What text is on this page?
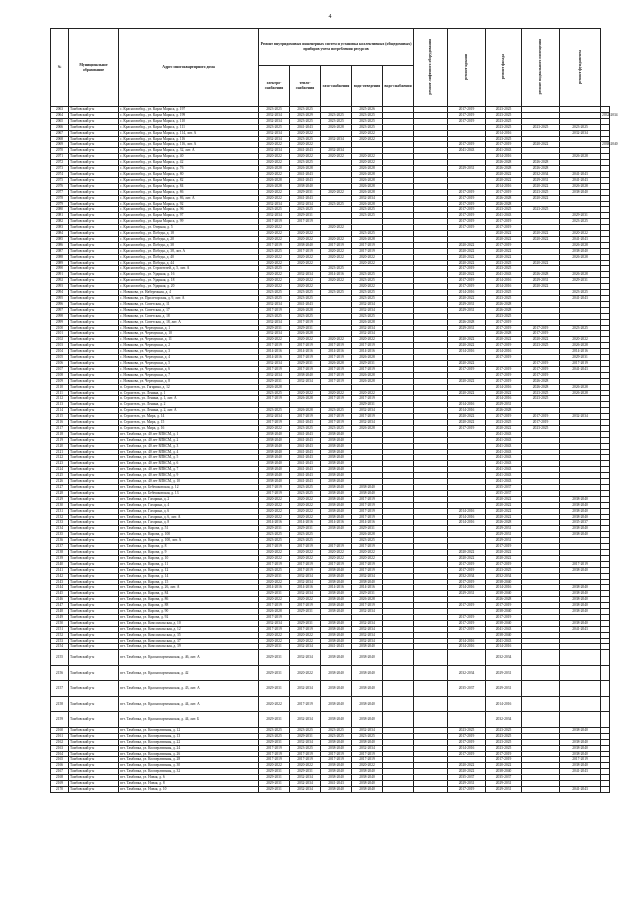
4
№	Муниципальное образование	Адрес многоквартирного дома	Ремонт внутридомовых инженерных систем и установка коллективных (общедомовых) приборов учета потребления ресурсов					ремонт лифтового оборудования	ремонт крыши	ремонт фасада	ремонт подвального помещения	ремонт фундамента	
			электро-снабжения	тепло-снабжения	газо-снабжения	водо-отведения	водо-снабжения						
2063	Тамбовский р-н	с. Красносвобод., ул. Карла Маркса, д. 197	2023-2025	2023-2025		2025-2026			2017-2019	2023-2025			
2064	Тамбовский р-н	с. Красносвобод., ул. Карла Маркса, д. 199	2032-2034	2023-2029	2023-2025	2023-2025			2017-2019	2023-2025			2032-2034
2065	Тамбовский р-н	с. Красносвобод., ул. Карла Маркса, д. 110	2032-2034	2023-2025	2023-2025	2023-2025			2017-2019	2023-2025			
2066	Тамбовский р-н	с. Красносвобод., ул. Карла Маркса, д. 111	2023-2025	2041-2043	2026-2028	2023-2025				2023-2025	2023-2025	2023-2025	
2067	Тамбовский р-н	с. Красносвобод., ул. Карла Маркса, д. 114, лит. А	2032-2034	2020-2022		2020-2022				2014-2016		2032-2034	
2068	Тамбовский р-н	с. Красносвобод., ул. Карла Маркса, д. 116	2032-2034	2023-2025	2032-2034	2020-2022				2023-2025			
2069	Тамбовский р-н	с. Красносвобод., ул. Карла Маркса, д. 116, лит. А	2020-2022	2020-2022					2017-2019	2017-2019	2020-2022		2038-2040
2070	Тамбовский р-н	с. Красносвобод., ул. Карла Маркса, д. 32, лит. А	2032-2034	2041-2043	2032-2034				2041-2043	2041-2043			
2071	Тамбовский р-н	с. Красносвобод., ул. Карла Маркса, д. 40	2020-2022	2020-2022	2020-2022	2020-2022				2014-2016		2026-2028	
2072	Тамбовский р-н	с. Красносвобод., ул. Карла Маркса, д. 42	2020-2022	2023-2025		2020-2022				2026-2028	2026-2028		
2073	Тамбовский р-н	с. Красносвобод., ул. Карла Маркса, д. 76	2026-2028	2026-2028		2026-2028			2029-2031	2026-2028	2026-2028		
2074	Тамбовский р-н	с. Красносвобод., ул. Карла Маркса, д. 80	2020-2022	2041-2043		2026-2028				2020-2022	2032-2034	2041-2043	
2075	Тамбовский р-н	с. Красносвобод., ул. Карла Маркса, д. 82	2026-2028	2041-2043		2026-2028				2020-2022	2029-2031	2041-2043	
2076	Тамбовский р-н	с. Красносвобод., ул. Карла Маркса, д. 84	2026-2028	2038-2040		2026-2028				2014-2016	2020-2022	2026-2028	
2077	Тамбовский р-н	с. Красносвобод., ул. Карла Маркса, д. 86	2020-2022	2029-2031	2020-2022	2026-2028			2017-2019	2017-2019	2023-2025	2038-2040	
2078	Тамбовский р-н	с. Красносвобод., ул. Карла Маркса, д. 86, лит. А	2020-2022	2041-2043		2032-2034			2017-2019	2026-2028	2020-2022		
2079	Тамбовский р-н	с. Красносвобод., ул. Карла Маркса, д. 92	2032-2034	2032-2034	2023-2025	2026-2028			2017-2019	2026-2028			
2080	Тамбовский р-н	с. Красносвобод., ул. Карла Маркса, д. 96	2023-2025	2023-2025		2023-2025			2017-2019	2023-2025	2023-2025		
2081	Тамбовский р-н	с. Красносвобод., ул. Карла Маркса, д. 97	2032-2034	2029-2031		2023-2025			2017-2019	2041-2043		2029-2031	
2082	Тамбовский р-н	с. Красносвобод., ул. Карла Маркса, д. 99	2017-2019	2017-2019					2017-2019	2017-2019		2023-2025	
2083	Тамбовский р-н	с. Красносвобод., ул. Озерная, д. 5	2020-2022		2020-2022				2017-2019	2017-2019			
2084	Тамбовский р-н	с. Красносвобод., ул. Победы, д. 18	2020-2022	2020-2022		2023-2025				2020-2022	2020-2022	2020-2022	
2085	Тамбовский р-н	с. Красносвобод., ул. Победы, д. 20	2020-2022	2020-2022	2020-2022	2026-2028				2020-2022	2020-2022	2041-2043	
2086	Тамбовский р-н	с. Красносвобод., ул. Победы, д. 38	2017-2019	2038-2040	2017-2019	2017-2019			2020-2022	2017-2019		2026-2028	
2087	Тамбовский р-н	с. Красносвобод., ул. Победы, д. 38, лит. А	2023-2025	2017-2019	2020-2022	2017-2019			2020-2022	2020-2022		2038-2040	
2088	Тамбовский р-н	с. Красносвобод., ул. Победы, д. 40	2020-2022	2020-2022	2020-2022	2020-2022			2020-2022	2020-2022		2026-2028	
2089	Тамбовский р-н	с. Красносвобод., ул. Победы, д. 44	2020-2022	2020-2022		2020-2022			2020-2022	2023-2025	2020-2022		
2090	Тамбовский р-н	с. Красносвобод., ул. Строителей, д. 5, лит. А	2023-2025		2023-2025				2017-2019	2023-2025			
2091	Тамбовский р-н	с. Красносвобод., ул. Ударная, д. 16	2020-2022	2032-2034	2014-2016	2023-2025			2020-2022	2041-2043	2026-2028	2026-2028	
2092	Тамбовский р-н	с. Красносвобод., ул. Ударная, д. 18	2020-2022	2020-2022	2020-2022	2023-2025			2017-2019	2014-2016	2029-2031	2029-2031	
2093	Тамбовский р-н	с. Красносвобод., ул. Ударная, д. 20	2020-2022	2020-2022		2020-2022			2017-2019	2014-2016	2020-2022		
2094	Тамбовский р-н	с. Новикова, ул. Набережная, д. 4	2023-2025	2023-2025	2023-2025	2023-2025			2014-2016	2023-2025		2023-2025	
2095	Тамбовский р-н	с. Новикова, ул. Пролетарская, д. 9, лит. А	2023-2025	2023-2025		2023-2025			2020-2022	2023-2025		2041-2043	
2096	Тамбовский р-н	с. Новикова, ул. Советская, д. 11	2032-2034	2041-2043		2032-2034			2029-2031	2026-2028			
2097	Тамбовский р-н	с. Новикова, ул. Советская, д. 17	2017-2019	2026-2028		2032-2034			2029-2031	2026-2028			
2098	Тамбовский р-н	с. Новикова, ул. Советская, д. 18	2023-2025	2023-2025		2023-2025				2023-2025			
2099	Тамбовский р-н	с. Новикова, ул. Советская, д. 18, лит. А	2032-2034	2017-2019		2026-2028			2026-2028	2017-2019			
2100	Тамбовский р-н	с. Новикова, ул. Черемушки, д. 1	2029-2031	2029-2031		2032-2034			2029-2031	2017-2019	2017-2019	2023-2025	
2101	Тамбовский р-н	с. Новикова, ул. Черемушки, д. 10	2032-2034	2026-2028		2032-2034				2026-2028	2017-2019		
2102	Тамбовский р-н	с. Новикова, ул. Черемушки, д. 11	2020-2022	2020-2022	2020-2022	2020-2022			2020-2022	2020-2022	2020-2022	2020-2022	
2103	Тамбовский р-н	с. Новикова, ул. Черемушки, д. 2	2017-2019	2017-2019	2017-2019	2017-2019			2020-2022	2017-2019	2023-2025	2026-2028	
2104	Тамбовский р-н	с. Новикова, ул. Черемушки, д. 3	2014-2016	2014-2016	2014-2016	2014-2016			2014-2016	2014-2016		2014-2016	
2105	Тамбовский р-н	с. Новикова, ул. Черемушки, д. 4	2014-2016	2017-2019	2017-2019	2026-2028				2017-2019		2029-2031	
2106	Тамбовский р-н	с. Новикова, ул. Черемушки, д. 5	2032-2034	2029-2031	2026-2028	2029-2031			2020-2022		2017-2019	2017-2019	
2107	Тамбовский р-н	с. Новикова, ул. Черемушки, д. 6	2017-2019	2017-2019	2017-2019	2017-2019			2017-2019	2017-2019	2017-2019	2041-2043	
2108	Тамбовский р-н	с. Новикова, ул. Черемушки, д. 7	2032-2034	2038-2040	2017-2019	2026-2028				2017-2019	2017-2019		
2109	Тамбовский р-н	с. Новикова, ул. Черемушки, д. 8	2029-2031	2032-2034	2017-2019	2026-2028			2020-2022	2017-2019	2026-2028		
2110	Тамбовский р-н	п. Строитель, ул. Гагарина, д. 12	2026-2028							2014-2016	2026-2028	2026-2028	
2111	Тамбовский р-н	п. Строитель, ул. Ленина, д. 1	2023-2025	2020-2022	2020-2022	2020-2022			2020-2022	2020-2022	2023-2025	2026-2028	
2112	Тамбовский р-н	п. Строитель, ул. Ленина, д. 1, лит. А	2017-2019	2026-2028	2017-2019	2017-2019				2014-2016	2023-2025		
2113	Тамбовский р-н	п. Строитель, ул. Ленина, д. 2				2029-2031			2014-2016	2029-2031			
2114	Тамбовский р-н	п. Строитель, ул. Ленина, д. 2, лит. А	2023-2025	2026-2028	2023-2025	2032-2034			2014-2016	2026-2028			
2115	Тамбовский р-н	п. Строитель, ул. Мира, д. 14	2032-2034	2017-2019	2017-2019	2017-2019			2020-2022	2017-2019	2017-2019	2032-2034	
2116	Тамбовский р-н	п. Строитель, ул. Мира, д. 15	2017-2019	2041-2043	2017-2019	2032-2034			2020-2022	2023-2025	2017-2019		
2117	Тамбовский р-н	п. Строитель, ул. Мира, д. 16	2020-2022	2023-2025	2023-2025	2026-2028			2017-2019	2020-2022	2023-2025		
2118	Тамбовский р-н	пгт. Тамбовка, ул. 40 лет ВЛКСМ, д. 1	2038-2040	2041-2043	2038-2040					2041-2043			
2119	Тамбовский р-н	пгт. Тамбовка, ул. 40 лет ВЛКСМ, д. 2	2038-2040	2041-2043	2038-2040					2041-2043			
2120	Тамбовский р-н	пгт. Тамбовка, ул. 40 лет ВЛКСМ, д. 3	2038-2040	2041-2043	2038-2040					2041-2043			
2121	Тамбовский р-н	пгт. Тамбовка, ул. 40 лет ВЛКСМ, д. 4	2038-2040	2041-2043	2038-2040					2041-2043			
2122	Тамбовский р-н	пгт. Тамбовка, ул. 40 лет ВЛКСМ, д. 5	2038-2040	2041-2043	2038-2040					2041-2043			
2123	Тамбовский р-н	пгт. Тамбовка, ул. 40 лет ВЛКСМ, д. 6	2038-2040	2041-2043	2038-2040					2041-2043			
2124	Тамбовский р-н	пгт. Тамбовка, ул. 40 лет ВЛКСМ, д. 7	2038-2040	2041-2043	2038-2040					2041-2043			
2125	Тамбовский р-н	пгт. Тамбовка, ул. 40 лет ВЛКСМ, д. 9	2038-2040	2041-2043	2038-2040					2041-2043			
2126	Тамбовский р-н	пгт. Тамбовка, ул. 40 лет ВЛКСМ, д. 10	2038-2040	2041-2043	2038-2040					2041-2043			
2127	Тамбовский р-н	пгт. Тамбовка, ул. Бебешковская, д. 12	2017-2019	2023-2025	2038-2040	2038-2040				2035-2037			
2128	Тамбовский р-н	пгт. Тамбовка, ул. Бебешковская, д. 13	2017-2019	2023-2025	2038-2040	2038-2040				2035-2037			
2129	Тамбовский р-н	пгт. Тамбовка, ул. Гагарина, д. 2	2020-2022	2020-2022	2038-2040	2017-2019				2020-2022		2038-2040	
2130	Тамбовский р-н	пгт. Тамбовка, ул. Гагарина, д. 4	2020-2022	2020-2022	2038-2040	2017-2019				2020-2022		2038-2040	
2131	Тамбовский р-н	пгт. Тамбовка, ул. Гагарина, д. 6	2020-2022	2020-2022	2038-2040	2017-2019			2014-2016	2020-2022		2038-2040	
2132	Тамбовский р-н	пгт. Тамбовка, ул. Гагарина, д. 6, лит. А	2020-2022	2020-2022	2038-2040	2017-2019			2014-2016	2020-2022		2038-2040	
2133	Тамбовский р-н	пгт. Тамбовка, ул. Гагарина, д. 8	2014-2016	2014-2016	2014-2016	2014-2016			2014-2016	2026-2028		2035-2037	
2134	Тамбовский р-н	пгт. Тамбовка, ул. Кирова, д. 51	2029-2031	2029-2031	2038-2040	2029-2031				2029-2031		2038-2040	
2135	Тамбовский р-н	пгт. Тамбовка, ул. Кирова, д. 100	2023-2025	2023-2025		2026-2028				2029-2031		2038-2040	
2136	Тамбовский р-н	пгт. Тамбовка, ул. Кирова, д. 100, лит. А	2023-2025	2023-2025		2023-2025				2029-2031			
2137	Тамбовский р-н	пгт. Тамбовка, ул. Кирова, д. 8	2017-2019	2017-2019	2017-2019	2017-2019				2017-2019			
2138	Тамбовский р-н	пгт. Тамбовка, ул. Кирова, д. 9	2020-2022	2020-2022	2020-2022	2020-2022			2020-2022	2020-2022			
2139	Тамбовский р-н	пгт. Тамбовка, ул. Кирова, д. 10	2020-2022	2020-2022	2020-2022	2020-2022			2020-2022	2020-2022			
2140	Тамбовский р-н	пгт. Тамбовка, ул. Кирова, д. 11	2017-2019	2017-2019	2017-2019	2017-2019			2017-2019	2017-2019		2017-2019	
2141	Тамбовский р-н	пгт. Тамбовка, ул. Кирова, д. 12	2023-2025	2017-2019	2038-2040	2017-2019			2017-2019	2023-2025		2038-2040	
2142	Тамбовский р-н	пгт. Тамбовка, ул. Кирова, д. 14	2029-2031	2032-2034	2038-2040	2032-2034			2032-2034	2032-2034			
2143	Тамбовский р-н	пгт. Тамбовка, ул. Кирова, д. 15	2020-2022	2032-2034	2038-2040	2038-2040			2017-2019	2038-2040			
2144	Тамбовский р-н	пгт. Тамбовка, ул. Кирова, д. 26, лит. А	2014-2016	2014-2016	2014-2016	2014-2016			2014-2016	2014-2016		2038-2040	
2145	Тамбовский р-н	пгт. Тамбовка, ул. Кирова, д. 84	2029-2031	2032-2034	2038-2040	2029-2031			2029-2031	2038-2040		2038-2040	
2146	Тамбовский р-н	пгт. Тамбовка, ул. Кирова, д. 86	2020-2022	2020-2022	2038-2040	2026-2028				2026-2028		2038-2040	
2147	Тамбовский р-н	пгт. Тамбовка, ул. Кирова, д. 88	2017-2019	2017-2019	2038-2040	2017-2019			2017-2019	2017-2019		2038-2040	
2148	Тамбовский р-н	пгт. Тамбовка, ул. Кирова, д. 90	2026-2028	2029-2031	2038-2040	2032-2034				2038-2040		2038-2040	
2149	Тамбовский р-н	пгт. Тамбовка, ул. Кирова, д. 92	2017-2019						2017-2019	2017-2019			
2150	Тамбовский р-н	пгт. Тамбовка, ул. Комсомольская, д. 10	2032-2034	2029-2031	2038-2040	2032-2034			2017-2019	2038-2040		2038-2040	
2151	Тамбовский р-н	пгт. Тамбовка, ул. Комсомольская, д. 12	2017-2019	2017-2019	2038-2040	2032-2034			2017-2019	2041-2043		2041-2043	
2152	Тамбовский р-н	пгт. Тамбовка, ул. Комсомольская, д. 35	2020-2022	2020-2022	2038-2040	2032-2034				2038-2040			
2153	Тамбовский р-н	пгт. Тамбовка, ул. Комсомольская, д. 37	2020-2022	2020-2022	2038-2040	2032-2034			2014-2016	2041-2043			
2154	Тамбовский р-н	пгт. Тамбовка, ул. Комсомольская, д. 39	2029-2031	2032-2034	2041-2043	2038-2040			2014-2016	2014-2016			
2155	Тамбовский р-н	пгт. Тамбовка, ул. Краснопартизанская, д. 46, лит. А	2029-2031	2032-2034	2038-2040	2038-2040				2032-2034			
2156	Тамбовский р-н	пгт. Тамбовка, ул. Краснопартизанская, д. 42	2029-2031	2020-2022	2038-2040	2038-2040			2032-2034	2029-2031			
2157	Тамбовский р-н	пгт. Тамбовка, ул. Краснопартизанская, д. 43, лит. А	2029-2031	2032-2034	2038-2040	2038-2040			2035-2037	2029-2031			
2158	Тамбовский р-н	пгт. Тамбовка, ул. Краснопартизанская, д. 44, лит. А	2020-2022	2017-2019	2038-2040	2038-2040				2014-2016			
2159	Тамбовский р-н	пгт. Тамбовка, ул. Краснопартизанская, д. 44, лит. Б	2029-2031	2032-2034	2038-2040	2038-2040				2032-2034			
2160	Тамбовский р-н	пгт. Тамбовка, ул. Кооперативная, д. 12	2023-2025	2023-2025	2023-2025	2032-2034			2023-2025	2023-2025		2038-2040	
2161	Тамбовский р-н	пгт. Тамбовка, ул. Кооперативная, д. 13	2023-2025	2029-2031	2023-2025	2023-2025			2017-2019	2023-2025			
2162	Тамбовский р-н	пгт. Тамбовка, ул. Кооперативная, д. 22	2029-2031	2032-2034	2038-2040	2038-2040			2017-2019	2023-2025		2038-2040	
2163	Тамбовский р-н	пгт. Тамбовка, ул. Кооперативная, д. 24	2017-2019	2023-2025	2038-2040	2032-2034			2014-2016	2023-2025		2038-2040	
2164	Тамбовский р-н	пгт. Тамбовка, ул. Кооперативная, д. 26	2017-2019	2017-2019	2017-2019	2017-2019			2017-2019	2017-2019		2038-2040	
2165	Тамбовский р-н	пгт. Тамбовка, ул. Кооперативная, д. 28	2017-2019	2017-2019	2017-2019	2017-2019				2017-2019		2017-2019	
2166	Тамбовский р-н	пгт. Тамбовка, ул. Кооперативная, д. 30	2020-2022	2020-2022	2038-2040	2020-2022			2020-2022	2020-2022		2038-2040	
2167	Тамбовский р-н	пгт. Тамбовка, ул. Кооперативная, д. 32	2029-2031	2029-2031	2038-2040	2038-2040			2020-2022	2038-2040		2041-2043	
2168	Тамбовский р-н	пгт. Тамбовка, ул. Новая, д. 6	2029-2031	2032-2034	2038-2040	2038-2040			2035-2037	2035-2037			
2169	Тамбовский р-н	пгт. Тамбовка, ул. Новая, д. 8	2029-2031	2032-2034	2041-2043	2038-2040			2029-2031	2029-2031			
2170	Тамбовский р-н	пгт. Тамбовка, ул. Новая, д. 10	2029-2031	2032-2034	2038-2040	2038-2040			2017-2019	2029-2031		2041-2043	
